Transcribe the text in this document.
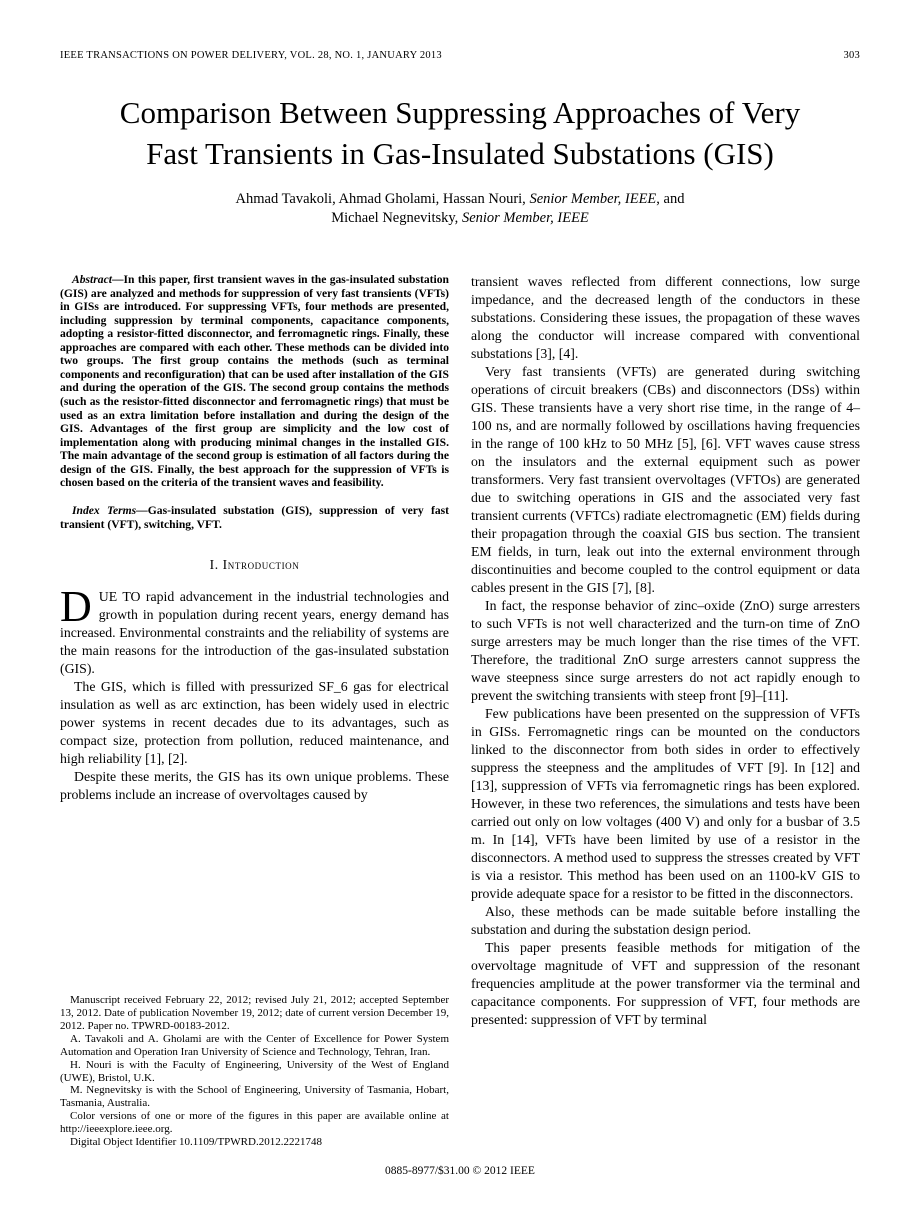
IEEE TRANSACTIONS ON POWER DELIVERY, VOL. 28, NO. 1, JANUARY 2013	303
Comparison Between Suppressing Approaches of Very Fast Transients in Gas-Insulated Substations (GIS)
Ahmad Tavakoli, Ahmad Gholami, Hassan Nouri, Senior Member, IEEE, and
Michael Negnevitsky, Senior Member, IEEE

Abstract—In this paper, first transient waves in the gas-insulated substation (GIS) are analyzed and methods for suppression of very fast transients (VFTs) in GISs are introduced. For suppressing VFTs, four methods are presented, including suppression by terminal components, capacitance components, adopting a resistor-fitted disconnector, and ferromagnetic rings. Finally, these approaches are compared with each other. These methods can be divided into two groups. The first group contains the methods (such as terminal components and reconfiguration) that can be used after installation of the GIS and during the operation of the GIS. The second group contains the methods (such as the resistor-fitted disconnector and ferromagnetic rings) that must be used as an extra limitation before installation and during the design of the GIS. Advantages of the first group are simplicity and the low cost of implementation along with producing minimal changes in the installed GIS. The main advantage of the second group is estimation of all factors during the design of the GIS. Finally, the best approach for the suppression of VFTs is chosen based on the criteria of the transient waves and feasibility.

Index Terms—Gas-insulated substation (GIS), suppression of very fast transient (VFT), switching, VFT.

I. Introduction

DUE TO rapid advancement in the industrial technologies and growth in population during recent years, energy demand has increased. Environmental constraints and the reliability of systems are the main reasons for the introduction of the gas-insulated substation (GIS).

The GIS, which is filled with pressurized SF_6 gas for electrical insulation as well as arc extinction, has been widely used in electric power systems in recent decades due to its advantages, such as compact size, protection from pollution, reduced maintenance, and high reliability [1], [2].

Despite these merits, the GIS has its own unique problems. These problems include an increase of overvoltages caused by

Manuscript received February 22, 2012; revised July 21, 2012; accepted September 13, 2012. Date of publication November 19, 2012; date of current version December 19, 2012. Paper no. TPWRD-00183-2012.

A. Tavakoli and A. Gholami are with the Center of Excellence for Power System Automation and Operation Iran University of Science and Technology, Tehran, Iran.

H. Nouri is with the Faculty of Engineering, University of the West of England (UWE), Bristol, U.K.

M. Negnevitsky is with the School of Engineering, University of Tasmania, Hobart, Tasmania, Australia.

Color versions of one or more of the figures in this paper are available online at http://ieeexplore.ieee.org.

Digital Object Identifier 10.1109/TPWRD.2012.2221748

transient waves reflected from different connections, low surge impedance, and the decreased length of the conductors in these substations. Considering these issues, the propagation of these waves along the conductor will increase compared with conventional substations [3], [4].

Very fast transients (VFTs) are generated during switching operations of circuit breakers (CBs) and disconnectors (DSs) within GIS. These transients have a very short rise time, in the range of 4–100 ns, and are normally followed by oscillations having frequencies in the range of 100 kHz to 50 MHz [5], [6]. VFT waves cause stress on the insulators and the external equipment such as power transformers. Very fast transient overvoltages (VFTOs) are generated due to switching operations in GIS and the associated very fast transient currents (VFTCs) radiate electromagnetic (EM) fields during their propagation through the coaxial GIS bus section. The transient EM fields, in turn, leak out into the external environment through discontinuities and become coupled to the control equipment or data cables present in the GIS [7], [8].

In fact, the response behavior of zinc–oxide (ZnO) surge arresters to such VFTs is not well characterized and the turn-on time of ZnO surge arresters may be much longer than the rise times of the VFT. Therefore, the traditional ZnO surge arresters cannot suppress the wave steepness since surge arresters do not act rapidly enough to prevent the switching transients with steep front [9]–[11].

Few publications have been presented on the suppression of VFTs in GISs. Ferromagnetic rings can be mounted on the conductors linked to the disconnector from both sides in order to effectively suppress the steepness and the amplitudes of VFT [9]. In [12] and [13], suppression of VFTs via ferromagnetic rings has been explored. However, in these two references, the simulations and tests have been carried out only on low voltages (400 V) and only for a busbar of 3.5 m. In [14], VFTs have been limited by use of a resistor in the disconnectors. A method used to suppress the stresses created by VFT is via a resistor. This method has been used on an 1100-kV GIS to provide adequate space for a resistor to be fitted in the disconnectors.

Also, these methods can be made suitable before installing the substation and during the substation design period.

This paper presents feasible methods for mitigation of the overvoltage magnitude of VFT and suppression of the resonant frequencies amplitude at the power transformer via the terminal and capacitance components. For suppression of VFT, four methods are presented: suppression of VFT by terminal

0885-8977/$31.00 © 2012 IEEE
